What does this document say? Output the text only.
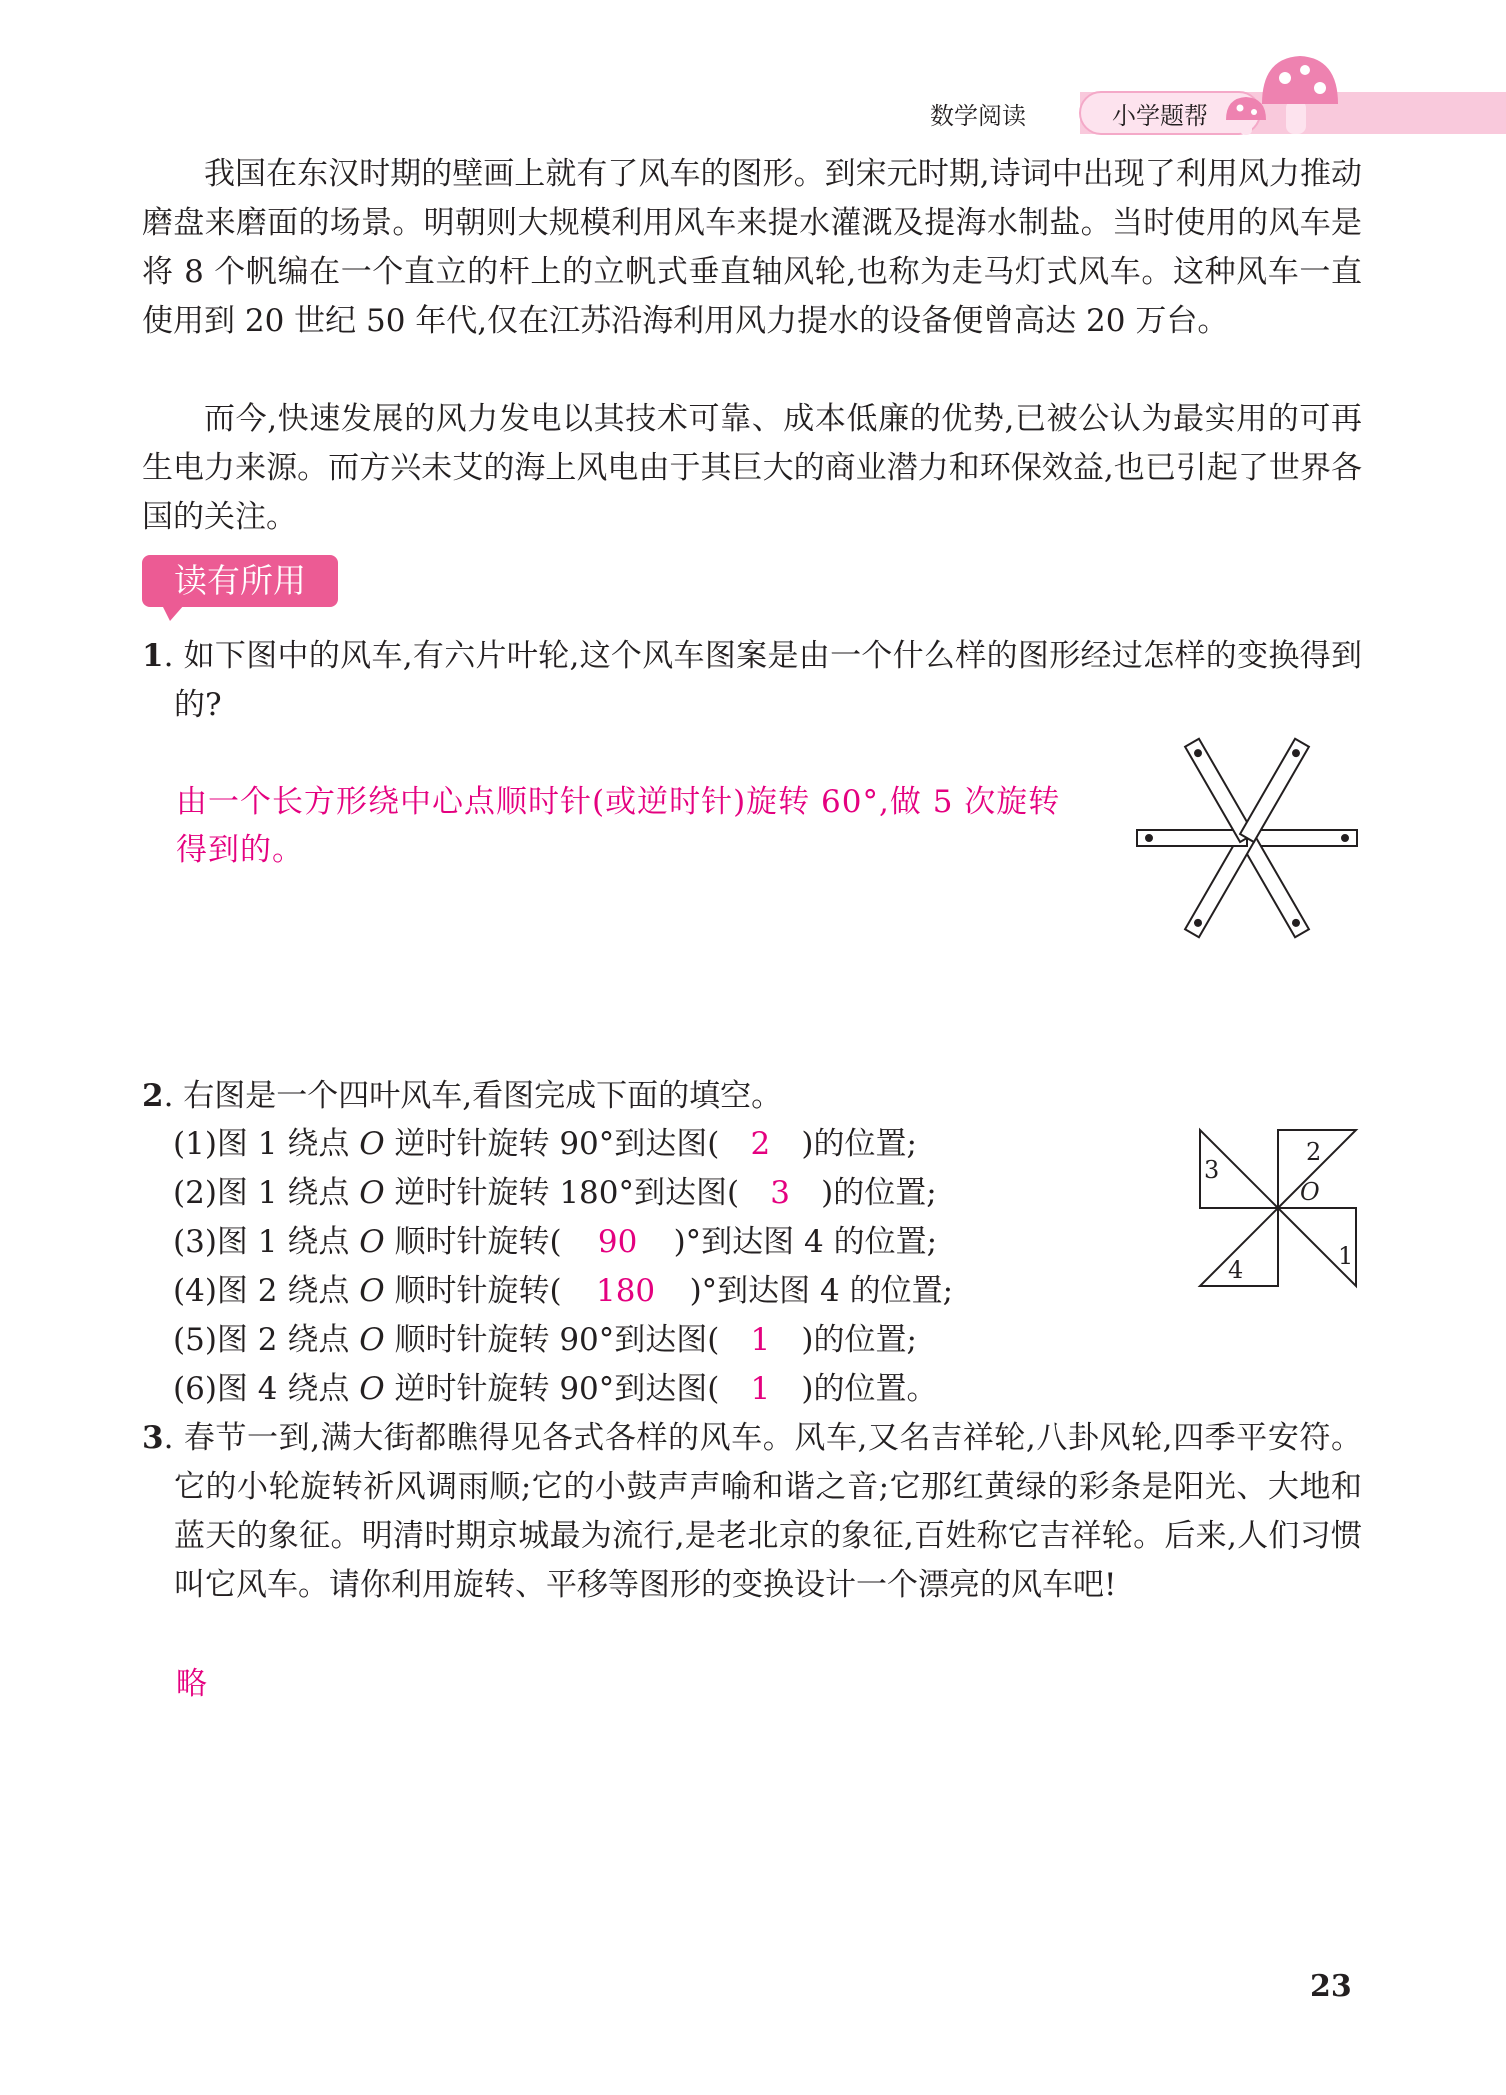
数学阅读	小学题帮

我国在东汉时期的壁画上就有了风车的图形。到宋元时期,诗词中出现了利用风力推动磨盘来磨面的场景。明朝则大规模利用风车来提水灌溉及提海水制盐。当时使用的风车是将 8 个帆编在一个直立的杆上的立帆式垂直轴风轮,也称为走马灯式风车。这种风车一直使用到 20 世纪 50 年代,仅在江苏沿海利用风力提水的设备便曾高达 20 万台。

而今,快速发展的风力发电以其技术可靠、成本低廉的优势,已被公认为最实用的可再生电力来源。而方兴未艾的海上风电由于其巨大的商业潜力和环保效益,也已引起了世界各国的关注。

读有所用
1. 如下图中的风车,有六片叶轮,这个风车图案是由一个什么样的图形经过怎样的变换得到的?
由一个长方形绕中心点顺时针(或逆时针)旋转 60°,做 5 次旋转
得到的。
2. 右图是一个四叶风车,看图完成下面的填空。
(1)图 1 绕点 O 逆时针旋转 90°到达图( 2 )的位置;
(2)图 1 绕点 O 逆时针旋转 180°到达图( 3 )的位置;
(3)图 1 绕点 O 顺时针旋转( 90 )°到达图 4 的位置;
(4)图 2 绕点 O 顺时针旋转( 180 )°到达图 4 的位置;
(5)图 2 绕点 O 顺时针旋转 90°到达图( 1 )的位置;
(6)图 4 绕点 O 逆时针旋转 90°到达图( 1 )的位置。
2
3
4	1
O
3. 春节一到,满大街都瞧得见各式各样的风车。风车,又名吉祥轮,八卦风轮,四季平安符。它的小轮旋转祈风调雨顺;它的小鼓声声喻和谐之音;它那红黄绿的彩条是阳光、大地和蓝天的象征。明清时期京城最为流行,是老北京的象征,百姓称它吉祥轮。后来,人们习惯叫它风车。请你利用旋转、平移等图形的变换设计一个漂亮的风车吧!
略
23
